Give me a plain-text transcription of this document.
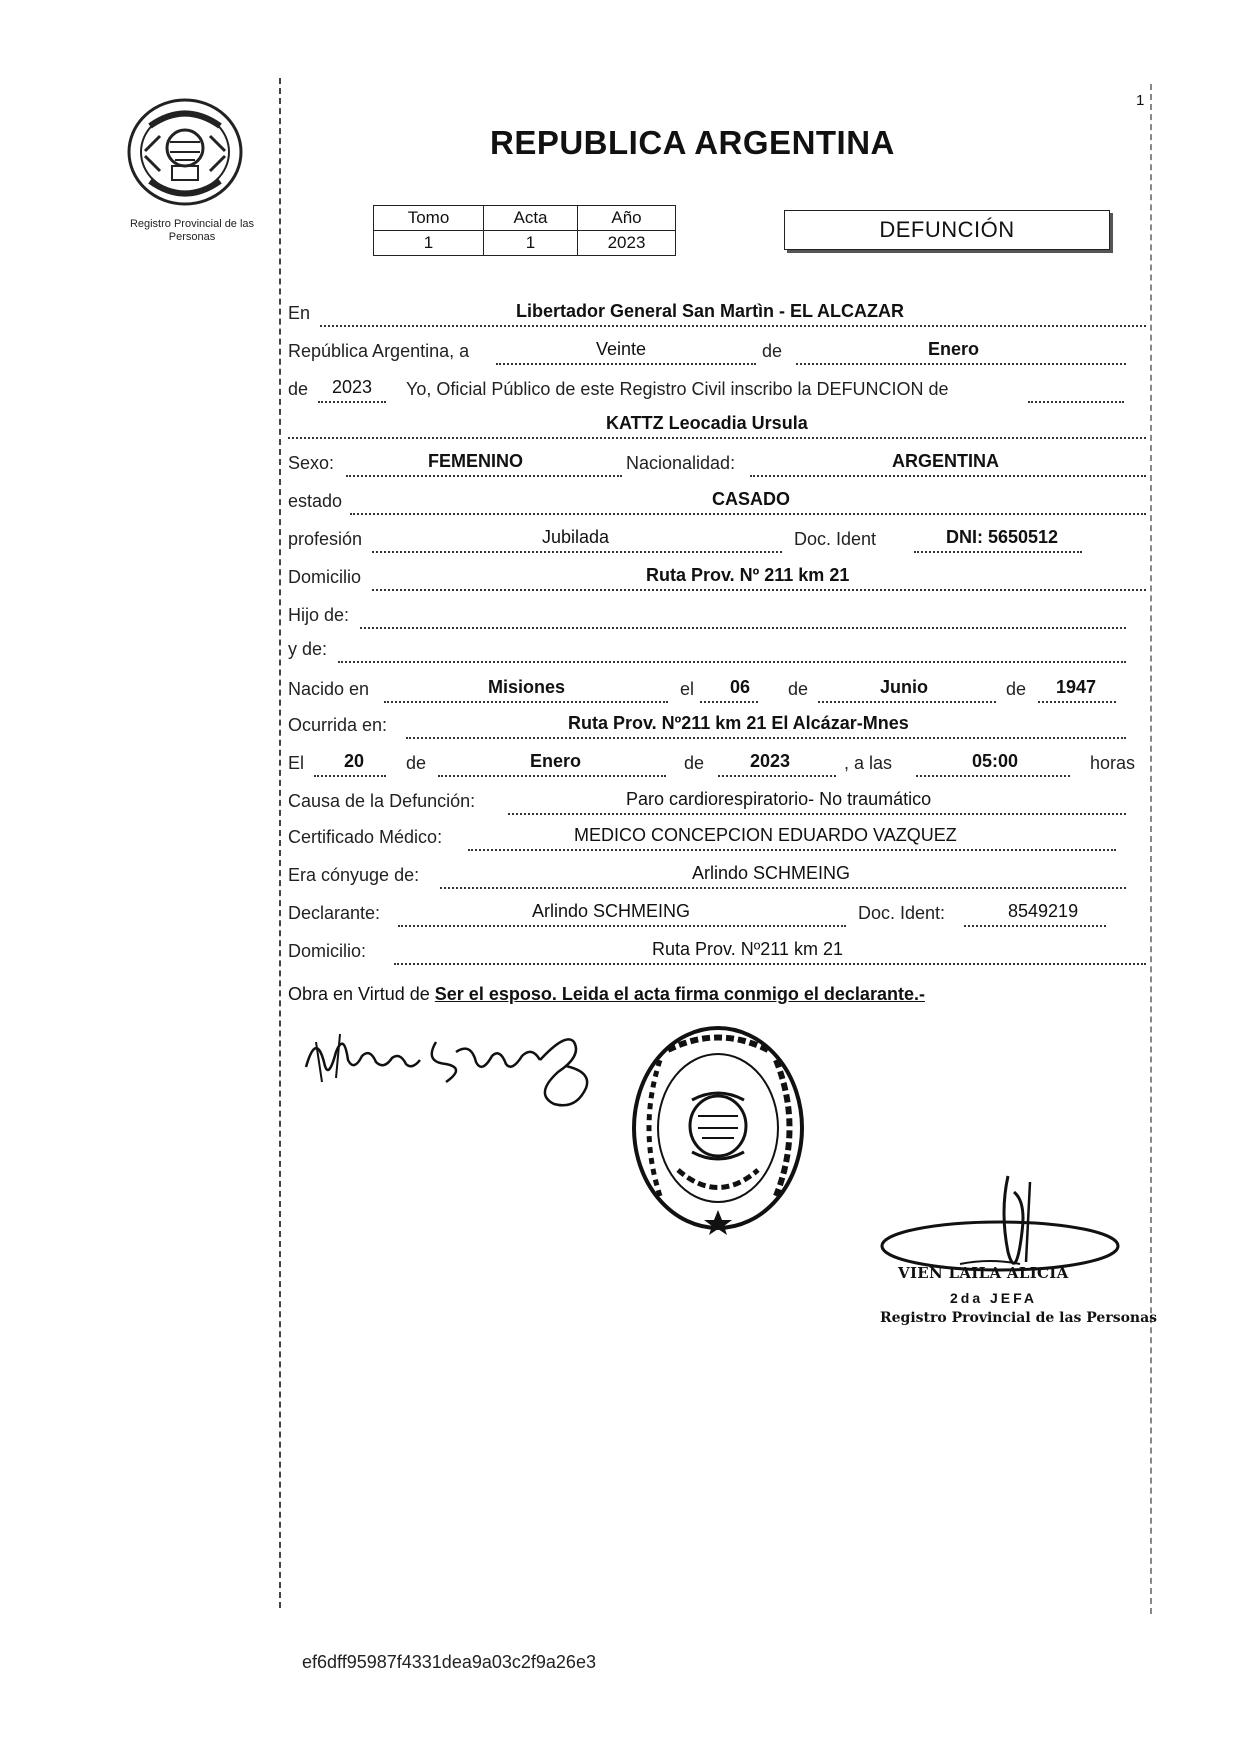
Registro Provincial de las Personas
1
REPUBLICA ARGENTINA
Tomo	Acta	Año
1	1	2023
DEFUNCIÓN
En	Libertador General San Martìn - EL ALCAZAR
República Argentina, a	Veinte	de	Enero
de 2023 Yo, Oficial Público de este Registro Civil inscribo la DEFUNCION de
KATTZ Leocadia Ursula
Sexo:	FEMENINO	Nacionalidad:	ARGENTINA
estado	CASADO
profesión	Jubilada	Doc. Ident	DNI: 5650512
Domicilio	Ruta Prov. Nº 211 km 21
Hijo de:
y de:
Nacido en	Misiones	el 06 de	Junio	de 1947
Ocurrida en:	Ruta Prov. Nº211 km 21 El Alcázar-Mnes
El 20 de	Enero	de	2023	, a las	05:00	horas
Causa de la Defunción:	Paro cardiorespiratorio- No traumático
Certificado Médico:	MEDICO CONCEPCION EDUARDO VAZQUEZ
Era cónyuge de:	Arlindo SCHMEING
Declarante:	Arlindo SCHMEING	Doc. Ident:	8549219
Domicilio:	Ruta Prov. Nº211 km 21
Obra en Virtud de Ser el esposo. Leida el acta firma conmigo el declarante.-
VIEN LAILA ALICIA
2da JEFA
Registro Provincial de las Personas
ef6dff95987f4331dea9a03c2f9a26e3
